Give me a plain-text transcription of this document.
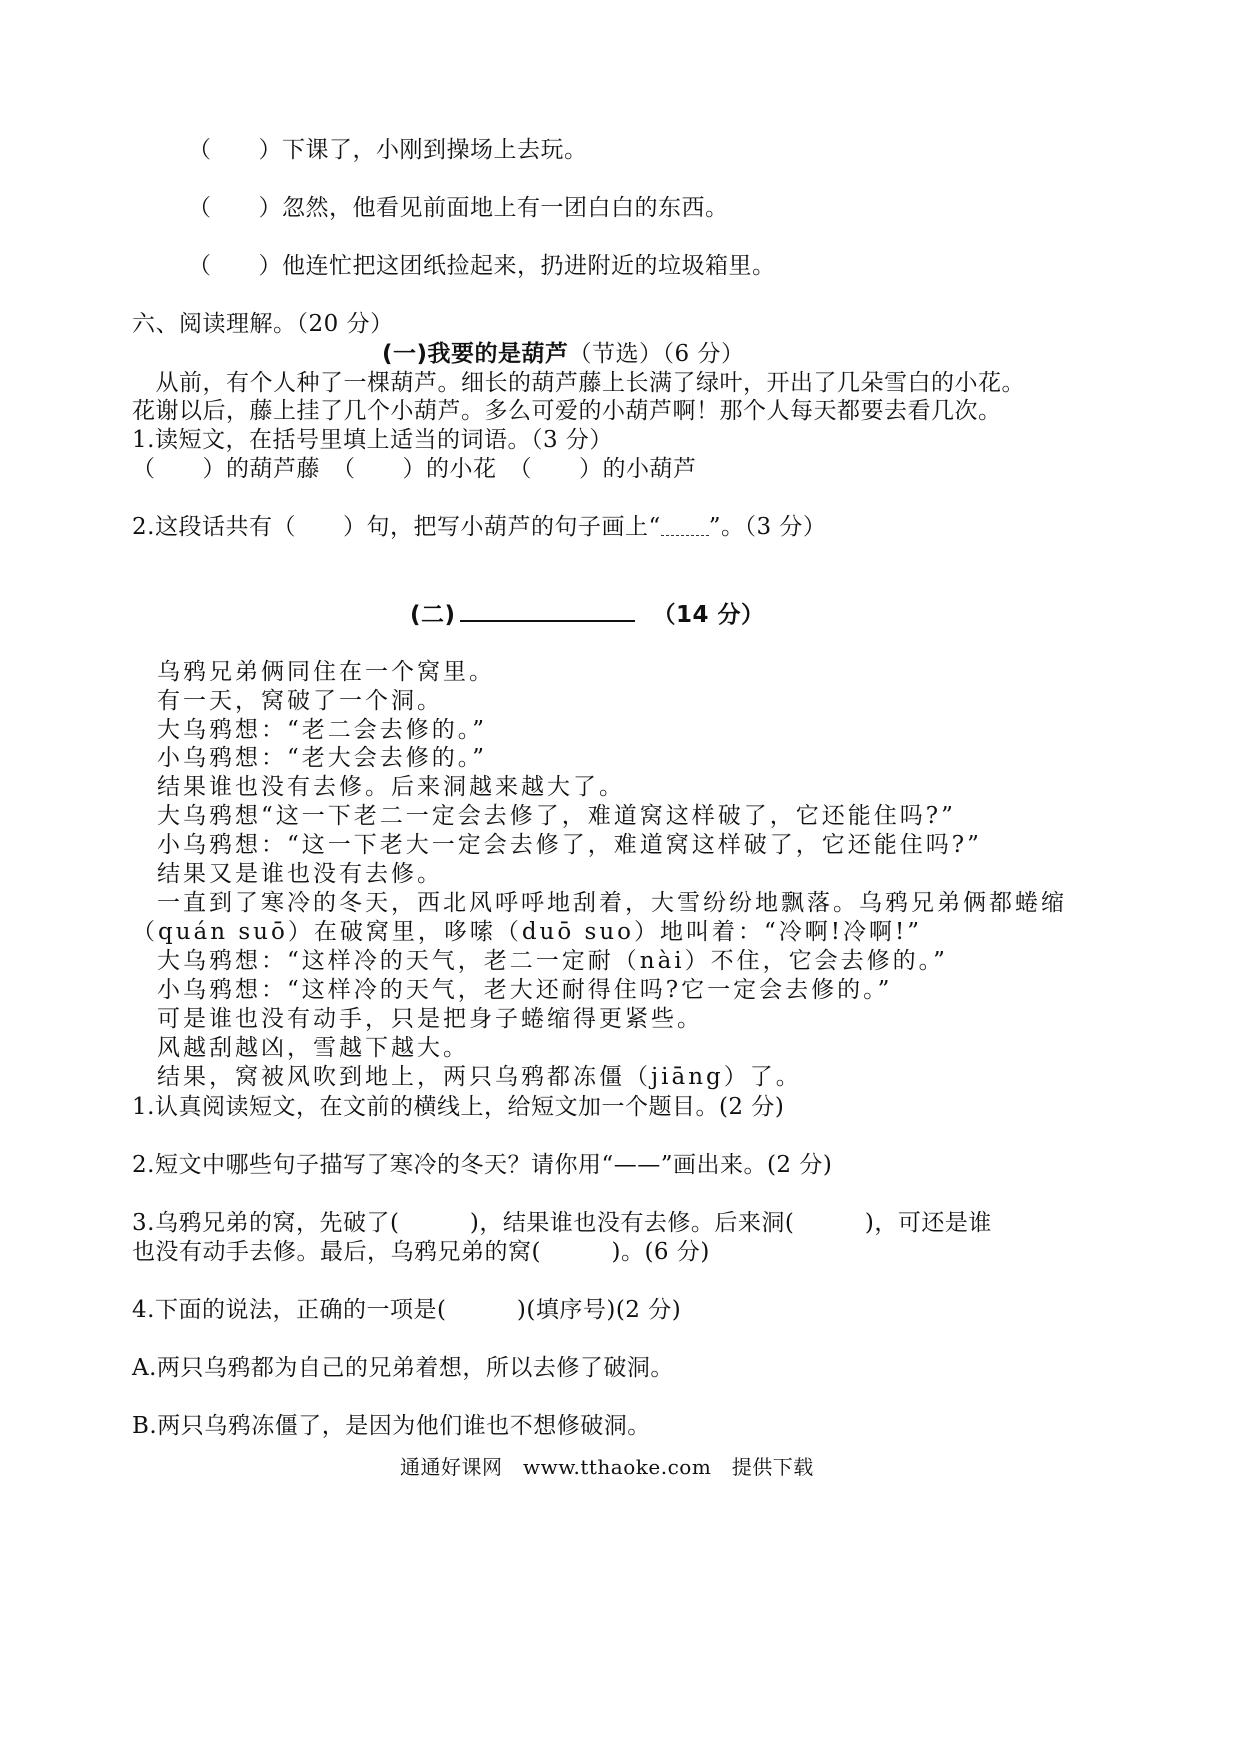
（　　）下课了，小刚到操场上去玩。
（　　）忽然，他看见前面地上有一团白白的东西。
（　　）他连忙把这团纸捡起来，扔进附近的垃圾箱里。
六、阅读理解。（20 分）
(一)我要的是葫芦（节选）（6 分）
　从前，有个人种了一棵葫芦。细长的葫芦藤上长满了绿叶，开出了几朵雪白的小花。
花谢以后，藤上挂了几个小葫芦。多么可爱的小葫芦啊！那个人每天都要去看几次。
1.读短文，在括号里填上适当的词语。（3 分）
（　　）的葫芦藤　（　　）的小花　（　　）的小葫芦
2.这段话共有（　　）句，把写小葫芦的句子画上“ ”。（3 分）
(二)	（14 分）
乌鸦兄弟俩同住在一个窝里。
有一天，窝破了一个洞。
大乌鸦想：“老二会去修的。”
小乌鸦想：“老大会去修的。”
结果谁也没有去修。后来洞越来越大了。
大乌鸦想“这一下老二一定会去修了，难道窝这样破了，它还能住吗?”
小乌鸦想：“这一下老大一定会去修了，难道窝这样破了，它还能住吗?”
结果又是谁也没有去修。
一直到了寒冷的冬天，西北风呼呼地刮着，大雪纷纷地飘落。乌鸦兄弟俩都蜷缩
（quán suō）在破窝里，哆嗦（duō suo）地叫着：“冷啊!冷啊!”
大乌鸦想：“这样冷的天气，老二一定耐（nài）不住，它会去修的。”
小乌鸦想：“这样冷的天气，老大还耐得住吗?它一定会去修的。”
可是谁也没有动手，只是把身子蜷缩得更紧些。
风越刮越凶，雪越下越大。
结果，窝被风吹到地上，两只乌鸦都冻僵（jiāng）了。
1.认真阅读短文，在文前的横线上，给短文加一个题目。(2 分)
2.短文中哪些句子描写了寒冷的冬天？请你用“——”画出来。(2 分)
3.乌鸦兄弟的窝，先破了(　　　)，结果谁也没有去修。后来洞(　　　)，可还是谁
也没有动手去修。最后，乌鸦兄弟的窝(　　　)。(6 分)
4.下面的说法，正确的一项是(　　　)(填序号)(2 分)
A.两只乌鸦都为自己的兄弟着想，所以去修了破洞。
B.两只乌鸦冻僵了，是因为他们谁也不想修破洞。
通通好课网　www.tthaoke.com　提供下载
